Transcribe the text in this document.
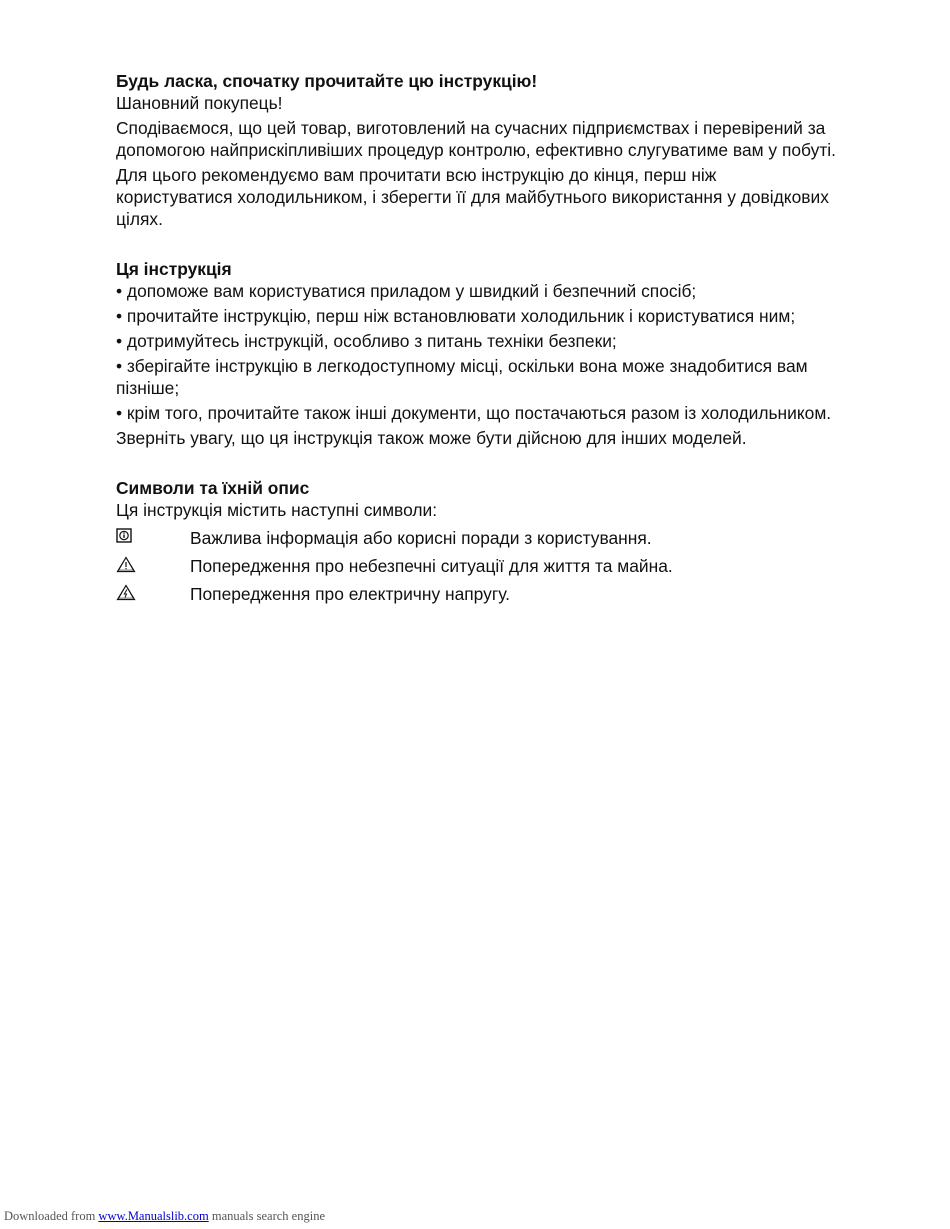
Будь ласка, спочатку прочитайте цю інструкцію!

Шановний покупець!

Сподіваємося, що цей товар, виготовлений на сучасних підприємствах і перевірений за допомогою найприскіпливіших процедур контролю, ефективно слугуватиме вам у побуті.

Для цього рекомендуємо вам прочитати всю інструкцію до кінця, перш ніж користуватися холодильником, і зберегти її для майбутнього використання у довідкових цілях.

Ця інструкція

• допоможе вам користуватися приладом у швидкий і безпечний спосіб;

• прочитайте інструкцію, перш ніж встановлювати холодильник і користуватися ним;

• дотримуйтесь інструкцій, особливо з питань техніки безпеки;

• зберігайте інструкцію в легкодоступному місці, оскільки вона може знадобитися вам пізніше;

• крім того, прочитайте також інші документи, що постачаються разом із холодильником.

Зверніть увагу, що ця інструкція також може бути дійсною для інших моделей.

Символи та їхній опис

Ця інструкція містить наступні символи:

Важлива інформація або корисні поради з користування.
Попередження про небезпечні ситуації для життя та майна.
Попередження про електричну напругу.
Downloaded from www.Manualslib.com manuals search engine
